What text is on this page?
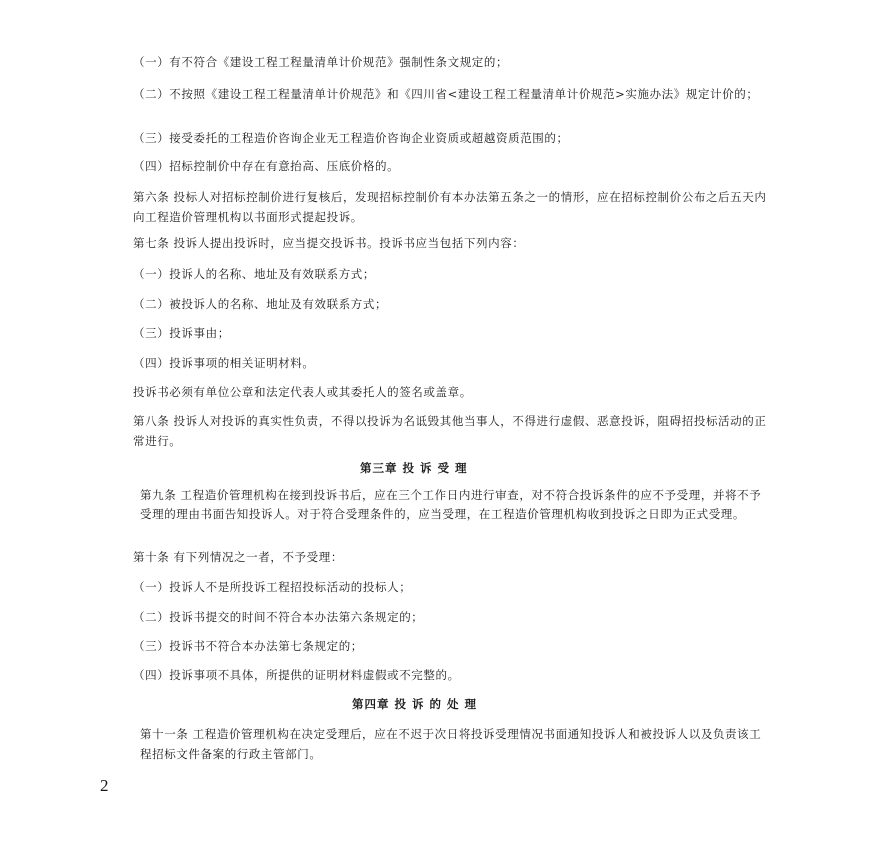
（一）有不符合《建设工程工程量清单计价规范》强制性条文规定的；
（二）不按照《建设工程工程量清单计价规范》和《四川省<建设工程工程量清单计价规范>实施办法》规定计价的；
（三）接受委托的工程造价咨询企业无工程造价咨询企业资质或超越资质范围的；
（四）招标控制价中存在有意抬高、压底价格的。
第六条 投标人对招标控制价进行复核后，发现招标控制价有本办法第五条之一的情形，应在招标控制价公布之后五天内向工程造价管理机构以书面形式提起投诉。
第七条 投诉人提出投诉时，应当提交投诉书。投诉书应当包括下列内容：
（一）投诉人的名称、地址及有效联系方式；
（二）被投诉人的名称、地址及有效联系方式；
（三）投诉事由；
（四）投诉事项的相关证明材料。
投诉书必须有单位公章和法定代表人或其委托人的签名或盖章。
第八条 投诉人对投诉的真实性负责，不得以投诉为名诋毁其他当事人，不得进行虚假、恶意投诉，阻碍招投标活动的正常进行。
第三章 投 诉 受 理
第九条 工程造价管理机构在接到投诉书后，应在三个工作日内进行审查，对不符合投诉条件的应不予受理，并将不予受理的理由书面告知投诉人。对于符合受理条件的，应当受理，在工程造价管理机构收到投诉之日即为正式受理。
第十条 有下列情况之一者，不予受理：
（一）投诉人不是所投诉工程招投标活动的投标人；
（二）投诉书提交的时间不符合本办法第六条规定的；
（三）投诉书不符合本办法第七条规定的；
（四）投诉事项不具体，所提供的证明材料虚假或不完整的。
第四章 投 诉 的 处 理
第十一条 工程造价管理机构在决定受理后，应在不迟于次日将投诉受理情况书面通知投诉人和被投诉人以及负责该工程招标文件备案的行政主管部门。
2
